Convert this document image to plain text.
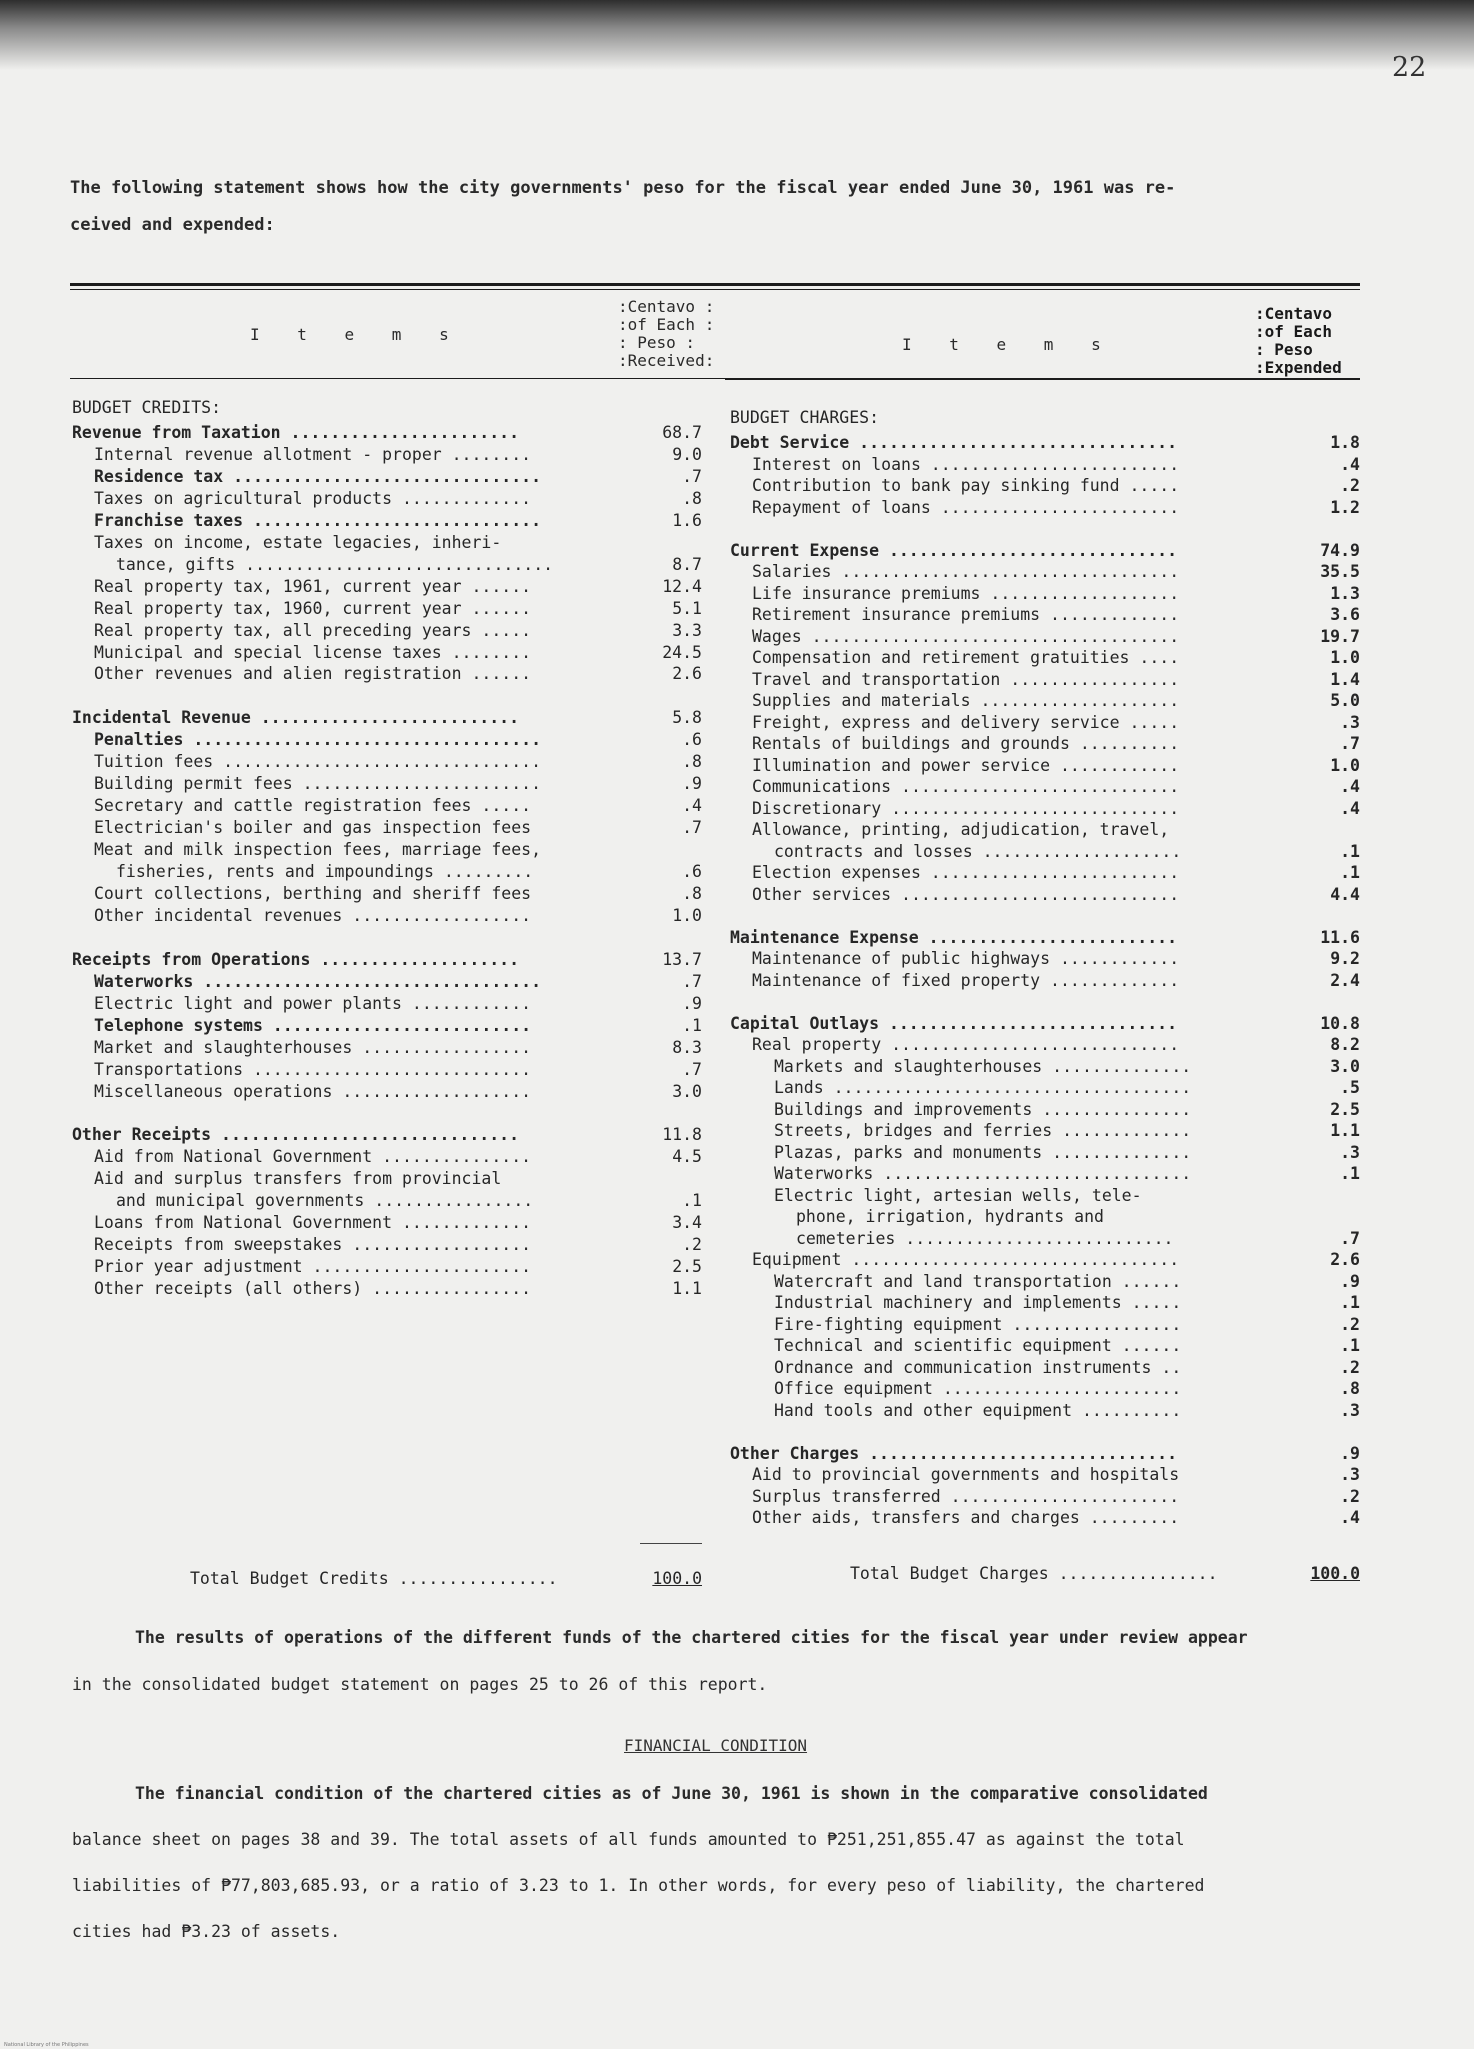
22
The following statement shows how the city governments' peso for the fiscal year ended June 30, 1961 was re-
ceived and expended:
I t e m s
:Centavo :
:of Each :
: Peso :
:Received:
I t e m s
:Centavo
:of Each
: Peso
:Expended
BUDGET CREDITS:
BUDGET CHARGES:
Revenue from Taxation .......................	68.7
Internal revenue allotment - proper ........	9.0
Residence tax ...............................	.7
Taxes on agricultural products .............	.8
Franchise taxes .............................	1.6
Taxes on income, estate legacies, inheri-
tance, gifts ...............................	8.7
Real property tax, 1961, current year ......	12.4
Real property tax, 1960, current year ......	5.1
Real property tax, all preceding years .....	3.3
Municipal and special license taxes ........	24.5
Other revenues and alien registration ......	2.6
Incidental Revenue ..........................	5.8
Penalties ...................................	.6
Tuition fees ................................	.8
Building permit fees ........................	.9
Secretary and cattle registration fees .....	.4
Electrician's boiler and gas inspection fees	.7
Meat and milk inspection fees, marriage fees,
fisheries, rents and impoundings .........	.6
Court collections, berthing and sheriff fees	.8
Other incidental revenues ..................	1.0
Receipts from Operations ....................	13.7
Waterworks ..................................	.7
Electric light and power plants ............	.9
Telephone systems ..........................	.1
Market and slaughterhouses .................	8.3
Transportations ............................	.7
Miscellaneous operations ...................	3.0
Other Receipts ..............................	11.8
Aid from National Government ...............	4.5
Aid and surplus transfers from provincial
and municipal governments ................	.1
Loans from National Government .............	3.4
Receipts from sweepstakes ..................	.2
Prior year adjustment ......................	2.5
Other receipts (all others) ................	1.1
Debt Service ................................	1.8
Interest on loans .........................	.4
Contribution to bank pay sinking fund .....	.2
Repayment of loans ........................	1.2
Current Expense .............................	74.9
Salaries ..................................	35.5
Life insurance premiums ...................	1.3
Retirement insurance premiums .............	3.6
Wages .....................................	19.7
Compensation and retirement gratuities ....	1.0
Travel and transportation .................	1.4
Supplies and materials ....................	5.0
Freight, express and delivery service .....	.3
Rentals of buildings and grounds ..........	.7
Illumination and power service ............	1.0
Communications ............................	.4
Discretionary .............................	.4
Allowance, printing, adjudication, travel,
contracts and losses ....................	.1
Election expenses .........................	.1
Other services ............................	4.4
Maintenance Expense .........................	11.6
Maintenance of public highways ............	9.2
Maintenance of fixed property .............	2.4
Capital Outlays .............................	10.8
Real property .............................	8.2
Markets and slaughterhouses ..............	3.0
Lands ....................................	.5
Buildings and improvements ...............	2.5
Streets, bridges and ferries .............	1.1
Plazas, parks and monuments ..............	.3
Waterworks ...............................	.1
Electric light, artesian wells, tele-
phone, irrigation, hydrants and
cemeteries ...........................	.7
Equipment .................................	2.6
Watercraft and land transportation ......	.9
Industrial machinery and implements .....	.1
Fire-fighting equipment .................	.2
Technical and scientific equipment ......	.1
Ordnance and communication instruments ..	.2
Office equipment ........................	.8
Hand tools and other equipment ..........	.3
Other Charges ...............................	.9
Aid to provincial governments and hospitals	.3
Surplus transferred .......................	.2
Other aids, transfers and charges .........	.4
Total Budget Credits ................	100.0	Total Budget Charges ................	100.0
The results of operations of the different funds of the chartered cities for the fiscal year under review appear
in the consolidated budget statement on pages 25 to 26 of this report.
FINANCIAL CONDITION
The financial condition of the chartered cities as of June 30, 1961 is shown in the comparative consolidated
balance sheet on pages 38 and 39. The total assets of all funds amounted to ₱251,251,855.47 as against the total
liabilities of ₱77,803,685.93, or a ratio of 3.23 to 1. In other words, for every peso of liability, the chartered
cities had ₱3.23 of assets.
National Library of the Philippines
